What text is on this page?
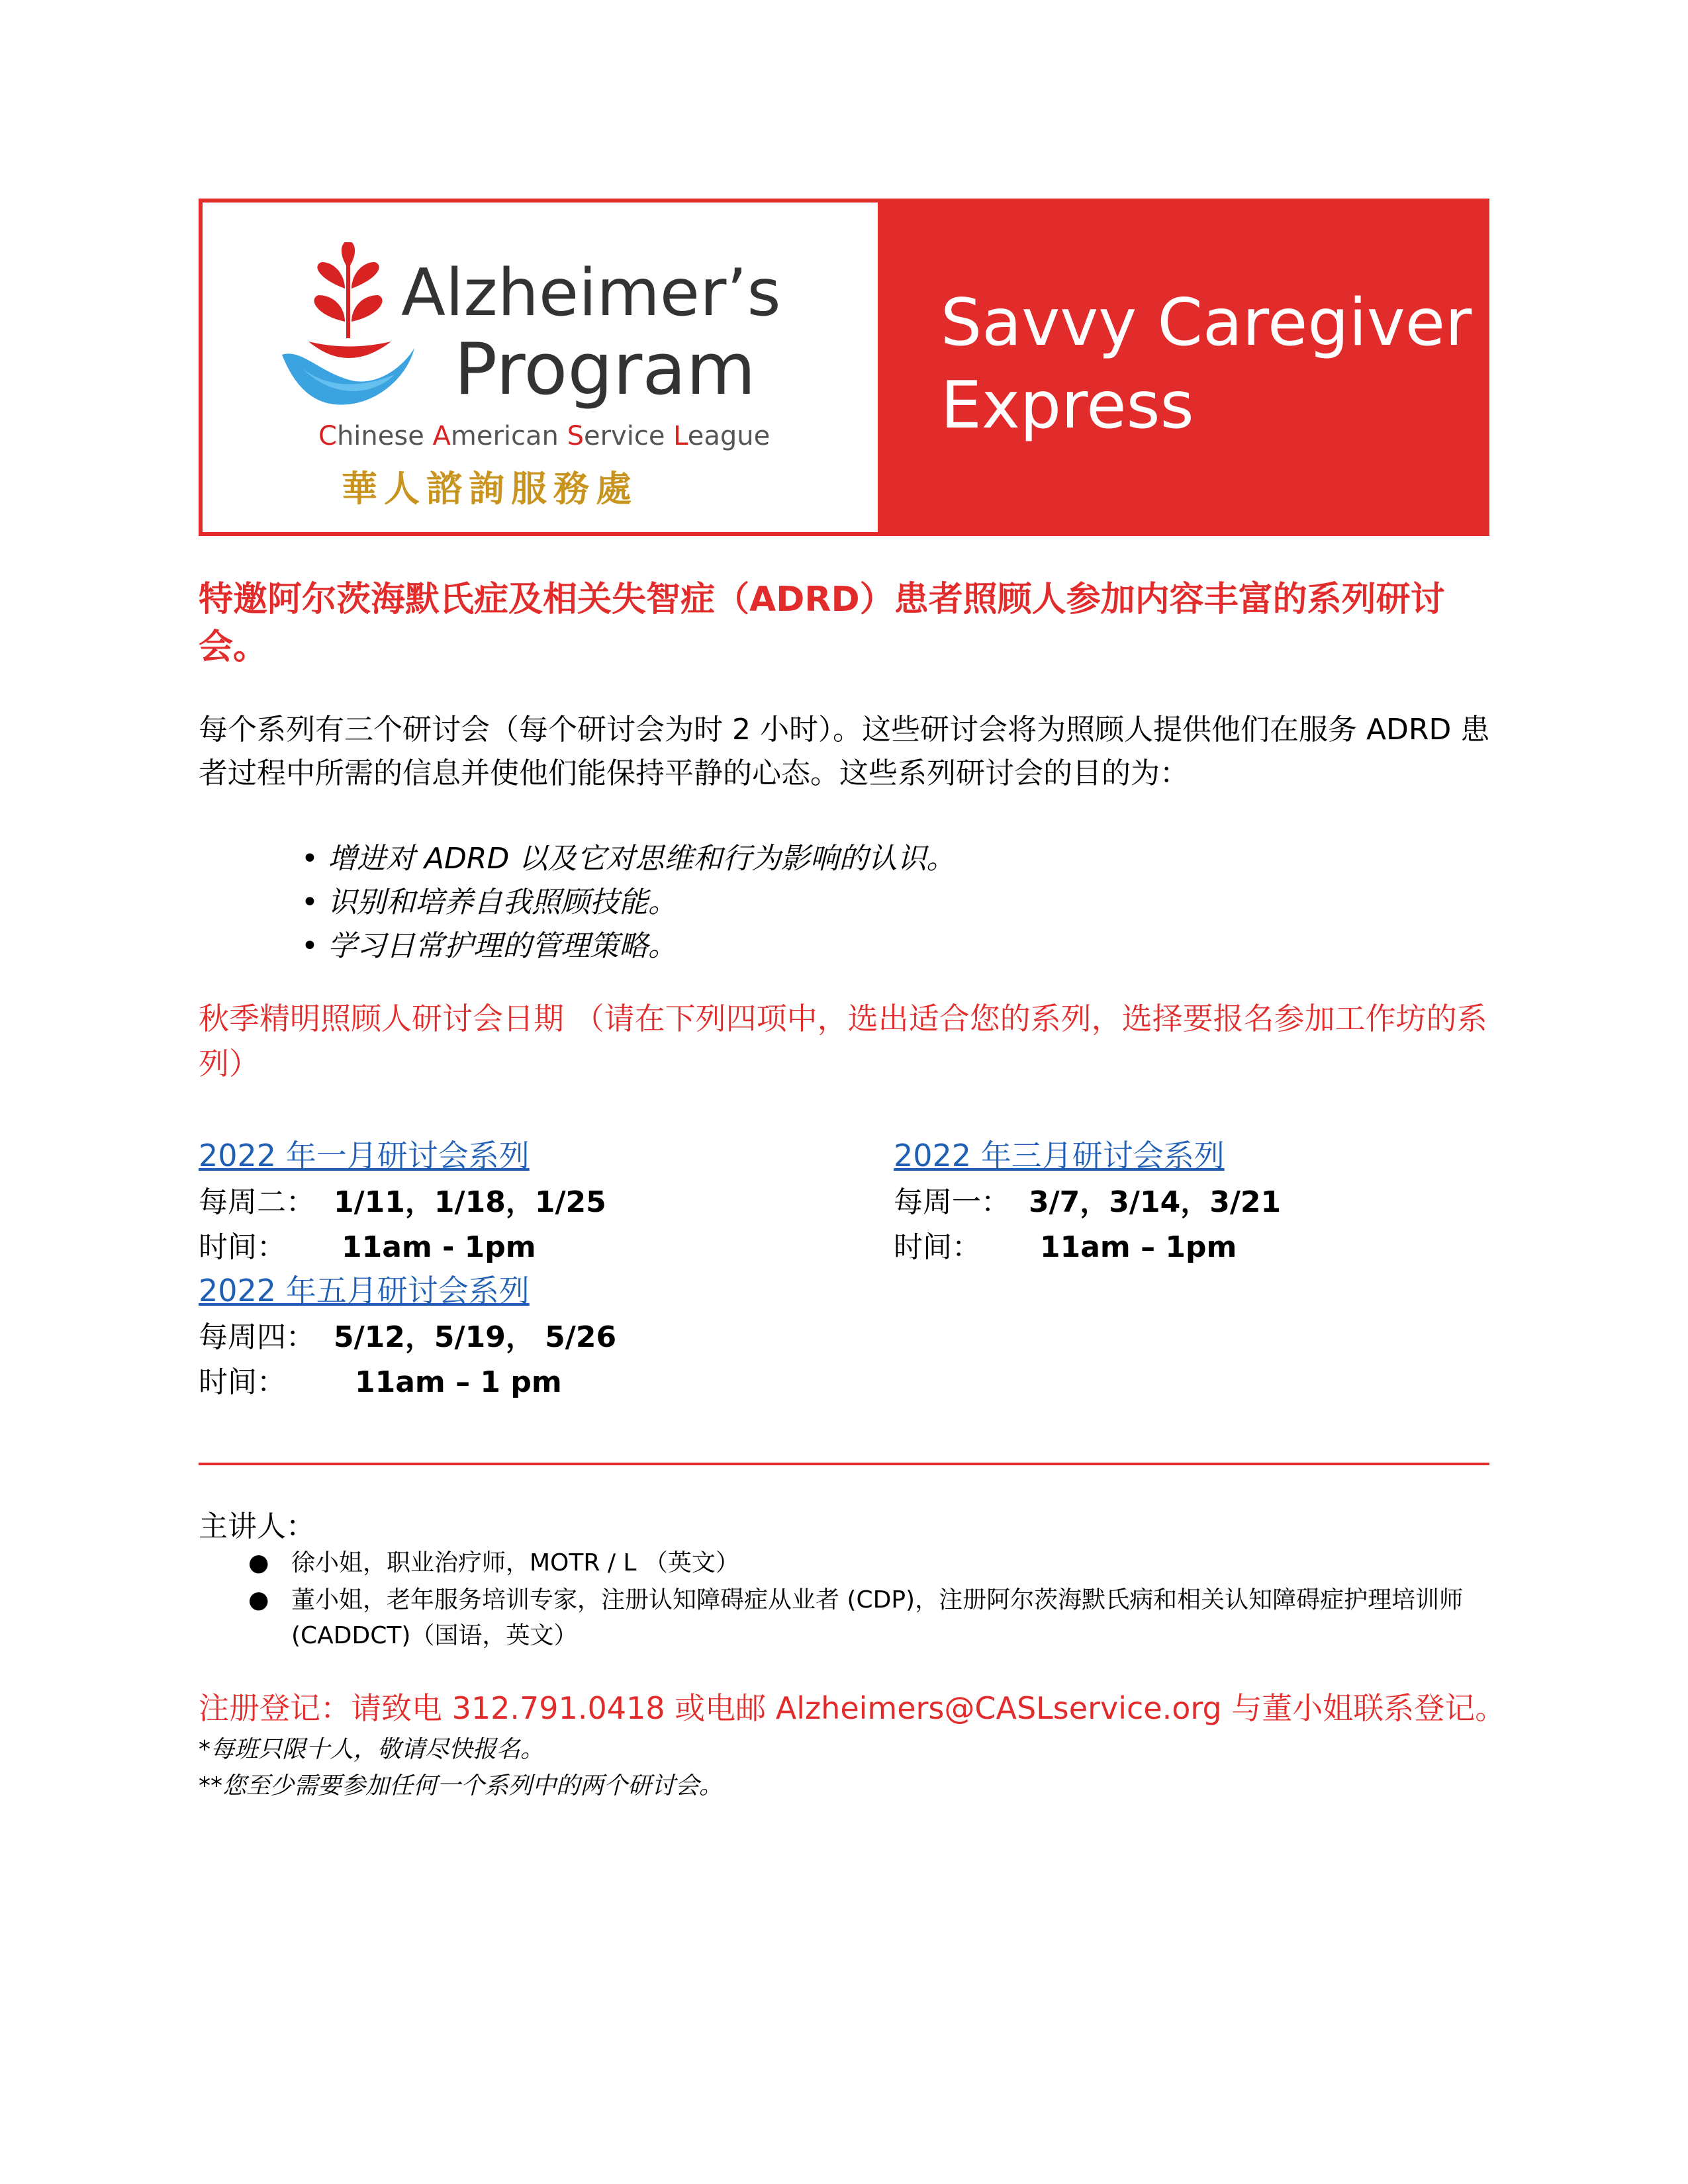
Alzheimer’s
Program
Chinese American Service League
華人諮詢服務處
Savvy Caregiver
Express
特邀阿尔茨海默氏症及相关失智症（ADRD）患者照顾人参加内容丰富的系列研讨会。
每个系列有三个研讨会（每个研讨会为时 2 小时）。这些研讨会将为照顾人提供他们在服务 ADRD 患者过程中所需的信息并使他们能保持平静的心态。这些系列研讨会的目的为：
• 增进对 ADRD 以及它对思维和行为影响的认识。
• 识别和培养自我照顾技能。
• 学习日常护理的管理策略。
秋季精明照顾人研讨会日期 （请在下列四项中，选出适合您的系列，选择要报名参加工作坊的系列）
2022 年一月研讨会系列
每周二： 1/11，1/18，1/25
时间： 11am - 1pm
2022 年五月研讨会系列
每周四： 5/12，5/19， 5/26
时间： 11am – 1 pm
2022 年三月研讨会系列
每周一： 3/7，3/14，3/21
时间： 11am – 1pm
主讲人：
● 徐小姐，职业治疗师，MOTR / L （英文）
● 董小姐，老年服务培训专家，注册认知障碍症从业者 (CDP)，注册阿尔茨海默氏病和相关认知障碍症护理培训师 (CADDCT)（国语，英文）
注册登记：请致电 312.791.0418 或电邮 Alzheimers@CASLservice.org 与董小姐联系登记。
*每班只限十人，敬请尽快报名。
**您至少需要参加任何一个系列中的两个研讨会。
